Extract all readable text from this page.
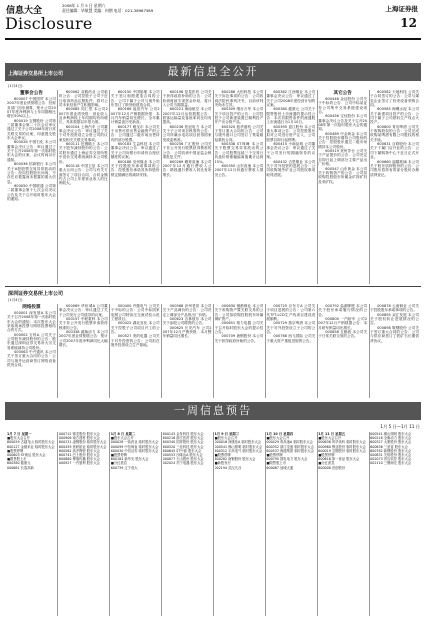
信息大全
2008年 1 月 5 日 星期六
责任编辑：毕敏慧 美编：何钢 电话：021-38967589
Disclosure
上海证券报
12
最新信息全公开
上海证券交易所上市公司
(1月4日)
董事会公告

600007 中国国贸 本公司2007年度业绩预增公告：经财务部门初步测算，预计公司2007年度净利润与上年同期相比增长50%以上。

600019 宝钢股份 公司第三届董事会第二十次会议审议通过了关于公司2008年度日常关联交易的议案，同意提交股东大会审议。

600028 中国石化 本公司董事会决议公告：审议通过了关于召开2008年第一次临时股东大会的议案，会议时间另行通知。

600036 招商银行 本公司关于A股股票交易异常波动的公告：经向控股股东问询，不存在应披露而未披露的重大信息。

600050 中国联通 公司第二届董事会第十七次会议决议公告及关于召开临时股东大会的通知。

600062 双鹤药业 公司临时公告：公司控股子公司于近日取得药品注册批件，将对公司未来经营产生积极影响。

600085 同仁堂 本公司2007年度业绩快报：营业收入及净利润较上年同期均有所增长，具体数据以年报为准。

600104 上海汽车 公司董事会决议公告：审议通过了关于对外投资设立合资公司的议案及相关关联交易事项。

600111 包钢稀土 本公司关于股东减持股份的公告：公司股东通过上海证券交易所集中竞价交易系统减持本公司股份。

600118 中国卫星 本公司重大合同公告：公司与有关方面签订了项目合同，合同金额约占公司上年度营业收入的比例较大。

600150 中国船舶 本公司关于签订船舶建造合同的公告：公司下属子公司与境外船东签订了散货船建造合同。

600166 福田汽车 公司2007年12月产销数据快报：本月汽车销量同比增长，全年累计销量创历史新高。

600177 雅戈尔 本公司关于出售可供出售金融资产的公告：公司通过二级市场出售持有的部分股票。

600183 生益科技 本公司董事会决议公告：审议通过了关于公司向银行申请综合授信额度的议案。

600188 兖州煤业 本公司关于控股股东承诺事项的公告：控股股东承诺其所持股份锁定期满后的减持安排。

600196 复星医药 公司关于获得政府补助的公告：公司收到财政专项资金补贴，将计入公司当期损益。

600221 海南航空 本公司2007年12月运营数据公告：旅客运输量及客座率同比均有提高。

600236 桂冠电力 本公司关于子公司项目核准的公告：公司所属水电站项目获得国家发改委核准。

600256 广汇股份 公司关于非公开发行股票获得核准的公告：公司收到中国证监会核准批复文件。

600269 赣粤高速 本公司2007年12月通行费收入公告：路段通行费收入同比有所增长。

600288 大恒科技 本公司关于诉讼事项的公告：公司收到法院民事判决书，目前该判决尚未生效。

600309 烟台万华 本公司关于项目投产的公告：公司控股子公司新建装置已顺利投产并产出合格产品。

600320 振华港机 公司关于签订重大合同的公告：公司与境外港口公司签订了集装箱起重机合同。

600338 ST珠峰 本公司关于股票交易异常波动的公告：公司股票连续三个交易日收盘价格涨幅偏离值累计达到15%。

600350 山东高速 本公司2007年12月份通行费收入情况公告。

600362 江西铜业 本公司董事会决议公告：审议通过了关于公司2008年度经营计划的议案。

600380 健康元 公司关于限售股份上市流通的提示性公告：本次有限售条件的流通股上市流通日为1月10日。

600395 盘江股份 本公司重大事项公告：公司控股股东拟对公司进行资产注入，公司股票自即日起停牌。

600415 小商品城 公司董事会决议公告：审议通过了关于公司发行短期融资券的议案。

600432 吉恩镍业 本公司关于对外投资的进展公告：公司收购境外矿业公司股权事项取得进展。

其它公告

600446 金证股份 公司关于中标的公告：公司中标某证券公司集中交易系统建设项目。

600456 宝钛股份 本公司董事会决议公告及关于召开2008年第一次临时股东大会的通知。

600489 中金黄金 本公司关于控股股东增持公司股份的公告：控股股东通过二级市场增持本公司股份。

600519 贵州茅台 公司关于产品提价的公告：公司决定自即日起上调部分主要产品出厂价格。

600547 山东黄金 本公司关于收购资产的公告：公司拟收购控股股东所属金矿探矿权及采矿权。

600582 天地科技 公司关于合同签订的公告：公司与煤炭企业签订了综采设备采购合同。

600585 海螺水泥 本公司关于新建项目投产的公告：公司下属子公司熟料生产线点火投产。

600600 青岛啤酒 公司关于收购股权的公告：公司完成收购某啤酒有限公司股权的相关手续。

600631 百联股份 本公司关于下属门店开业的公告：公司下属购物中心于近日正式开业。

600660 福耀玻璃 本公司关于股东质押股份的公告：公司股东将持有的部分股份办理质押登记。

深圳证券交易所上市公司
(1月4日)
网络投票

000001 深发展A 本公司关于召开2008年第一次临时股东大会的通知：本次股东大会采取现场投票与网络投票相结合的方式。

000002 万科A 公司关于公司股东减持股份的公告：股东通过深圳证券交易所大宗交易系统减持公司股份。

000063 中兴通讯 本公司关于签订重大合同的公告：公司与境外运营商签订网络设备供货合同。

000069 华侨城A 公司董事会决议公告：审议通过了关于公司发行公司债券的议案。

000157 中联重科 本公司关于非公开发行股票申请获得核准的公告。

000338 潍柴动力 本公司2007年度业绩预增公告：预计公司2007年度净利润同比大幅增长。

000400 许继电气 公司关于中标的公告：公司中标国家电网公司特高压交流试验示范工程项目。

000422 湖北宜化 本公司关于控股子公司项目开工的公告。

000527 美的电器 公司关于对外投资的公告：公司拟在境外投资设立生产基地。

000568 泸州老窖 本公司关于产品调价的公告：公司决定上调部分产品的出厂价格。

000623 吉林敖东 本公司关于参股公司增资的公告。

000625 长安汽车 公司2007年12月产销快报：本月整车销量同比增长。

000630 铜都铜业 本公司关于收购资产暨关联交易的公告：公司拟收购控股股东所属铜矿资产。

000651 格力电器 公司关于召开临时股东大会的提示性公告。

000709 唐钢股份 本公司关于获得政府补助的公告。

000725 京东方A 公司关于项目进展的公告：公司第六代TFT-LCD生产线项目建设进展顺利。

000729 燕京啤酒 本公司关于对外投资设立子公司的公告。

000768 西飞国际 公司关于重大资产重组进展的公告。

000792 盐湖钾肥 本公司关于股东承诺履行情况的公告。

000800 一汽轿车 公司2007年12月产销数据公告：本月轿车销量同比增长。

000858 五粮液 本公司关于日常关联交易的公告。

000878 云南铜业 公司关于控股股东承诺事项的公告。

000895 双汇发展 本公司关于股权转让进展情况的公告。

000898 鞍钢股份 公司关于签订重大合同的公告：公司与供应商签订了铁矿石长期供货协议。

一周信息预告
1月 5 日—1月 11 日
1月 7 日 星期一
■股东大会召开
600059 古越龙山 临时股东大会
600127 金健米业 临时股东大会
■股票停牌
000603 ST威达 股东大会
■限售股上市
600380 健康元
000661 长春高新
000712 锦龙股份 股东大会
000906 南方建材 股东大会
600231 凌钢股份 临时股东大会
600459 贵研铂业 临时股东大会
600562 高淳陶瓷 股东大会
600741 巴士股份 股东大会
600880 博瑞传播 股东大会
000927 一汽夏利 股东大会
1月 8 日 星期二
■股东大会召开
000028 一致药业 临时股东大会
000099 中信海直 临时股东大会
600030 中信证券 临时股东大会
■股票停牌
600184 新华光 股东大会
■分红派息
600739 辽宁成大
600143 金发科技 股东大会
600216 浙江医药 股东大会
600340 国祥股份 股东大会
600520 三佳科技 股东大会
600645 ST中源 股东大会
000553 沙隆达A 股东大会
000877 天山股份 股东大会
002024 苏宁电器 股东大会
1月 9 日 星期三
■股东大会召开
000016 深康佳A 临时股东大会
000541 佛山照明 临时股东大会
600312 平高电气 临时股东大会
■股票停牌
600282 南钢股份 股东大会
■新股发行
002194 武汉凡谷
1月 10 日 星期四
■股东大会召开
000429 粤高速A 临时股东大会
600352 浙江龙盛 临时股东大会
600537 海通集团 临时股东大会
■股票停牌
600795 国电电力 股东大会
■限售股上市
600067 冠城大通
1月 11 日 星期五
■股东大会召开
000636 风华高科 临时股东大会
000960 锡业股份 临时股东大会
600019 宝钢股份 临时股东大会
■股票停牌
600616 第一食品 股东大会
■分红派息
600008 首创股份
000541 佛山照明 股东大会
600218 全柴动力 股东大会
600327 大厦股份 股东大会
600636 三爱富 股东大会
600782 新钢股份 股东大会
000831 关铝股份 股东大会
002073 青岛软控 股东大会
002110 三钢闽光 股东大会
